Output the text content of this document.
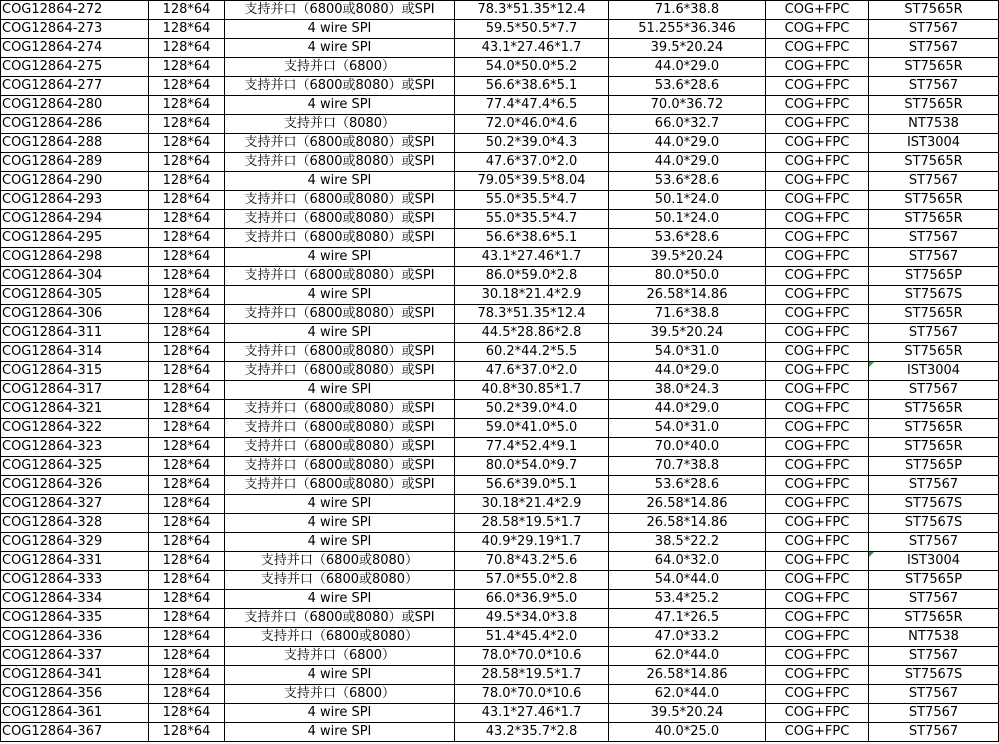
COG12864-272	128*64	支持并口（6800或8080）或SPI	78.3*51.35*12.4	71.6*38.8	COG+FPC	ST7565R
COG12864-273	128*64	4 wire SPI	59.5*50.5*7.7	51.255*36.346	COG+FPC	ST7567
COG12864-274	128*64	4 wire SPI	43.1*27.46*1.7	39.5*20.24	COG+FPC	ST7567
COG12864-275	128*64	支持并口（6800）	54.0*50.0*5.2	44.0*29.0	COG+FPC	ST7565R
COG12864-277	128*64	支持并口（6800或8080）或SPI	56.6*38.6*5.1	53.6*28.6	COG+FPC	ST7567
COG12864-280	128*64	4 wire SPI	77.4*47.4*6.5	70.0*36.72	COG+FPC	ST7565R
COG12864-286	128*64	支持并口（8080）	72.0*46.0*4.6	66.0*32.7	COG+FPC	NT7538
COG12864-288	128*64	支持并口（6800或8080）或SPI	50.2*39.0*4.3	44.0*29.0	COG+FPC	IST3004
COG12864-289	128*64	支持并口（6800或8080）或SPI	47.6*37.0*2.0	44.0*29.0	COG+FPC	ST7565R
COG12864-290	128*64	4 wire SPI	79.05*39.5*8.04	53.6*28.6	COG+FPC	ST7567
COG12864-293	128*64	支持并口（6800或8080）或SPI	55.0*35.5*4.7	50.1*24.0	COG+FPC	ST7565R
COG12864-294	128*64	支持并口（6800或8080）或SPI	55.0*35.5*4.7	50.1*24.0	COG+FPC	ST7565R
COG12864-295	128*64	支持并口（6800或8080）或SPI	56.6*38.6*5.1	53.6*28.6	COG+FPC	ST7567
COG12864-298	128*64	4 wire SPI	43.1*27.46*1.7	39.5*20.24	COG+FPC	ST7567
COG12864-304	128*64	支持并口（6800或8080）或SPI	86.0*59.0*2.8	80.0*50.0	COG+FPC	ST7565P
COG12864-305	128*64	4 wire SPI	30.18*21.4*2.9	26.58*14.86	COG+FPC	ST7567S
COG12864-306	128*64	支持并口（6800或8080）或SPI	78.3*51.35*12.4	71.6*38.8	COG+FPC	ST7565R
COG12864-311	128*64	4 wire SPI	44.5*28.86*2.8	39.5*20.24	COG+FPC	ST7567
COG12864-314	128*64	支持并口（6800或8080）或SPI	60.2*44.2*5.5	54.0*31.0	COG+FPC	ST7565R
COG12864-315	128*64	支持并口（6800或8080）或SPI	47.6*37.0*2.0	44.0*29.0	COG+FPC	IST3004
COG12864-317	128*64	4 wire SPI	40.8*30.85*1.7	38.0*24.3	COG+FPC	ST7567
COG12864-321	128*64	支持并口（6800或8080）或SPI	50.2*39.0*4.0	44.0*29.0	COG+FPC	ST7565R
COG12864-322	128*64	支持并口（6800或8080）或SPI	59.0*41.0*5.0	54.0*31.0	COG+FPC	ST7565R
COG12864-323	128*64	支持并口（6800或8080）或SPI	77.4*52.4*9.1	70.0*40.0	COG+FPC	ST7565R
COG12864-325	128*64	支持并口（6800或8080）或SPI	80.0*54.0*9.7	70.7*38.8	COG+FPC	ST7565P
COG12864-326	128*64	支持并口（6800或8080）或SPI	56.6*39.0*5.1	53.6*28.6	COG+FPC	ST7567
COG12864-327	128*64	4 wire SPI	30.18*21.4*2.9	26.58*14.86	COG+FPC	ST7567S
COG12864-328	128*64	4 wire SPI	28.58*19.5*1.7	26.58*14.86	COG+FPC	ST7567S
COG12864-329	128*64	4 wire SPI	40.9*29.19*1.7	38.5*22.2	COG+FPC	ST7567
COG12864-331	128*64	支持并口（6800或8080）	70.8*43.2*5.6	64.0*32.0	COG+FPC	IST3004
COG12864-333	128*64	支持并口（6800或8080）	57.0*55.0*2.8	54.0*44.0	COG+FPC	ST7565P
COG12864-334	128*64	4 wire SPI	66.0*36.9*5.0	53.4*25.2	COG+FPC	ST7567
COG12864-335	128*64	支持并口（6800或8080）或SPI	49.5*34.0*3.8	47.1*26.5	COG+FPC	ST7565R
COG12864-336	128*64	支持并口（6800或8080）	51.4*45.4*2.0	47.0*33.2	COG+FPC	NT7538
COG12864-337	128*64	支持并口（6800）	78.0*70.0*10.6	62.0*44.0	COG+FPC	ST7567
COG12864-341	128*64	4 wire SPI	28.58*19.5*1.7	26.58*14.86	COG+FPC	ST7567S
COG12864-356	128*64	支持并口（6800）	78.0*70.0*10.6	62.0*44.0	COG+FPC	ST7567
COG12864-361	128*64	4 wire SPI	43.1*27.46*1.7	39.5*20.24	COG+FPC	ST7567
COG12864-367	128*64	4 wire SPI	43.2*35.7*2.8	40.0*25.0	COG+FPC	ST7567
